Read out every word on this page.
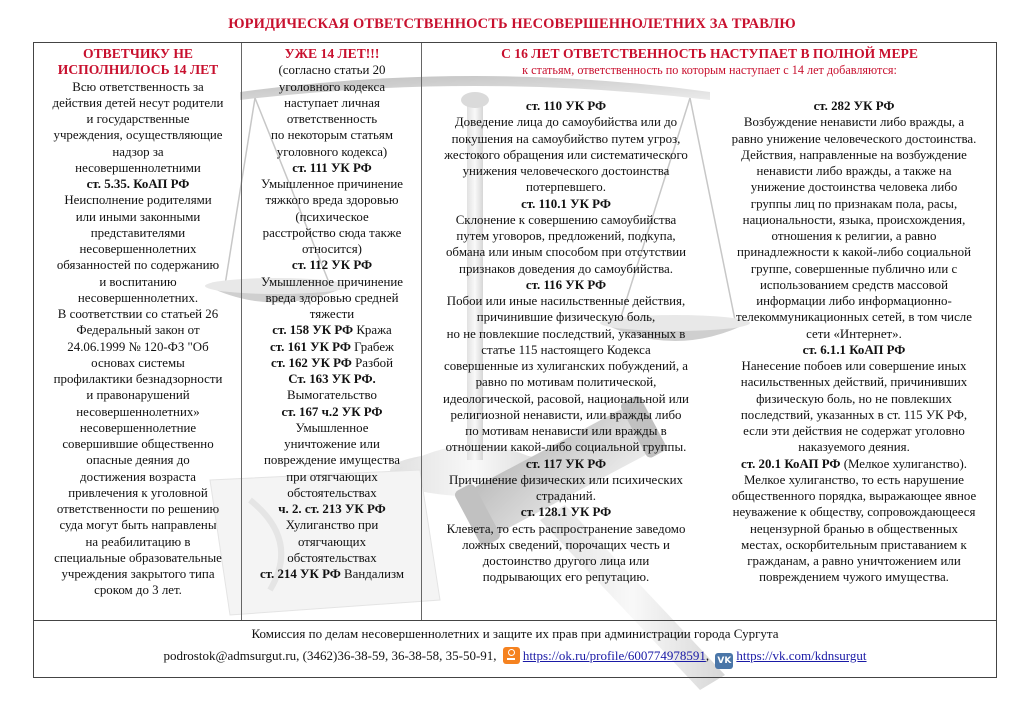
ЮРИДИЧЕСКАЯ ОТВЕТСТВЕННОСТЬ НЕСОВЕРШЕННОЛЕТНИХ ЗА ТРАВЛЮ
ОТВЕТЧИКУ НЕ
ИСПОЛНИЛОСЬ 14 ЛЕТ
Всю ответственность за
действия детей несут родители
и государственные
учреждения, осуществляющие
надзор за
несовершеннолетними
ст. 5.35. КоАП РФ
Неисполнение родителями
или иными законными
представителями
несовершеннолетних
обязанностей по содержанию
и воспитанию
несовершеннолетних.
В соответствии со статьей 26
Федеральный закон от
24.06.1999 № 120-ФЗ "Об
основах системы
профилактики безнадзорности
и правонарушений
несовершеннолетних»
несовершеннолетние
совершившие общественно
опасные деяния до
достижения возраста
привлечения к уголовной
ответственности по решению
суда могут быть направлены
на реабилитацию в
специальные образовательные
учреждения закрытого типа
сроком до 3 лет.
УЖЕ 14 ЛЕТ!!!
(согласно статьи 20
уголовного кодекса
наступает личная
ответственность
по некоторым статьям
уголовного кодекса)
ст. 111 УК РФ
Умышленное причинение
тяжкого вреда здоровью
(психическое
расстройство сюда также
относится)
ст. 112 УК РФ
Умышленное причинение
вреда здоровью средней
тяжести
ст. 158 УК РФ Кража
ст. 161 УК РФ Грабеж
ст. 162 УК РФ Разбой
Ст. 163 УК РФ.
Вымогательство
ст. 167 ч.2 УК РФ
Умышленное
уничтожение или
повреждение имущества
при отягчающих
обстоятельствах
ч. 2. ст. 213 УК РФ
Хулиганство при
отягчающих
обстоятельствах
ст. 214 УК РФ Вандализм
С 16 ЛЕТ ОТВЕТСТВЕННОСТЬ НАСТУПАЕТ В ПОЛНОЙ МЕРЕ
к статьям, ответственность по которым наступает с 14 лет добавляются:
ст. 110 УК РФ
Доведение лица до самоубийства или до
покушения на самоубийство путем угроз,
жестокого обращения или систематического
унижения человеческого достоинства
потерпевшего.
ст. 110.1 УК РФ
Склонение к совершению самоубийства
путем уговоров, предложений, подкупа,
обмана или иным способом при отсутствии
признаков доведения до самоубийства.
ст. 116 УК РФ
Побои или иные насильственные действия,
причинившие физическую боль,
но не повлекшие последствий, указанных в
статье 115 настоящего Кодекса
совершенные из хулиганских побуждений, а
равно по мотивам политической,
идеологической, расовой, национальной или
религиозной ненависти, или вражды либо
по мотивам ненависти или вражды в
отношении какой-либо социальной группы.
ст. 117 УК РФ
Причинение физических или психических
страданий.
ст. 128.1 УК РФ
Клевета, то есть распространение заведомо
ложных сведений, порочащих честь и
достоинство другого лица или
подрывающих его репутацию.
ст. 282 УК РФ
Возбуждение ненависти либо вражды, а
равно унижение человеческого достоинства.
Действия, направленные на возбуждение
ненависти либо вражды, а также на
унижение достоинства человека либо
группы лиц по признакам пола, расы,
национальности, языка, происхождения,
отношения к религии, а равно
принадлежности к какой-либо социальной
группе, совершенные публично или с
использованием средств массовой
информации либо информационно-
телекоммуникационных сетей, в том числе
сети «Интернет».
ст. 6.1.1 КоАП РФ
Нанесение побоев или совершение иных
насильственных действий, причинивших
физическую боль, но не повлекших
последствий, указанных в ст. 115 УК РФ,
если эти действия не содержат уголовно
наказуемого деяния.
ст. 20.1 КоАП РФ (Мелкое хулиганство).
Мелкое хулиганство, то есть нарушение
общественного порядка, выражающее явное
неуважение к обществу, сопровождающееся
нецензурной бранью в общественных
местах, оскорбительным приставанием к
гражданам, а равно уничтожением или
повреждением чужого имущества.
Комиссия по делам несовершеннолетних и защите их прав при администрации города Сургута
podrostok@admsurgut.ru, (3462)36-38-59, 36-38-58, 35-50-91, https://ok.ru/profile/600774978591, VK https://vk.com/kdnsurgut
